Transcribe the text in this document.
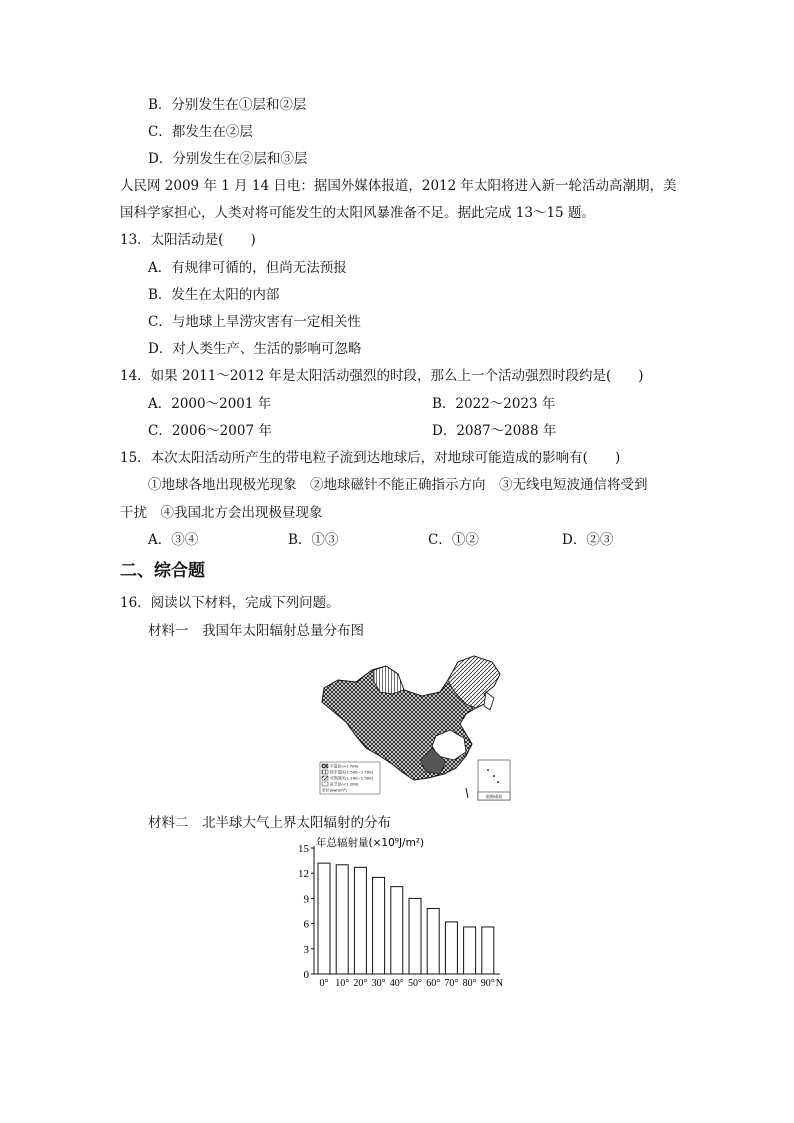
B．分别发生在①层和②层
C．都发生在②层
D．分别发生在②层和③层
人民网 2009 年 1 月 14 日电：据国外媒体报道，2012 年太阳将进入新一轮活动高潮期，美
国科学家担心，人类对将可能发生的太阳风暴准备不足。据此完成 13～15 题。
13．太阳活动是(　　)
A．有规律可循的，但尚无法预报
B．发生在太阳的内部
C．与地球上旱涝灾害有一定相关性
D．对人类生产、生活的影响可忽略
14．如果 2011～2012 年是太阳活动强烈的时段，那么上一个活动强烈时段约是(　　)
A．2000～2001 年	B．2022～2023 年
C．2006～2007 年	D．2087～2088 年
15．本次太阳活动所产生的带电粒子流到达地球后，对地球可能造成的影响有(　　)
①地球各地出现极光现象　②地球磁针不能正确指示方向　③无线电短波通信将受到
干扰　④我国北方会出现极昼现象
A．③④	B．①③	C．①②	D．②③
二、综合题
16．阅读以下材料，完成下列问题。
材料一　我国年太阳辐射总量分布图
丰富区(>1 700)
较丰富区(1 500~1 700)
可利用区(1 200~1 500)
贫乏区(<1 200)
单位(kwh/m²)
南海诸岛
材料二　北半球大气上界太阳辐射的分布
0
3
6
9
12
15 年总辐射量(×10⁹J/m²)
0° 10° 20° 30° 40° 50° 60° 70° 80° 90° N
